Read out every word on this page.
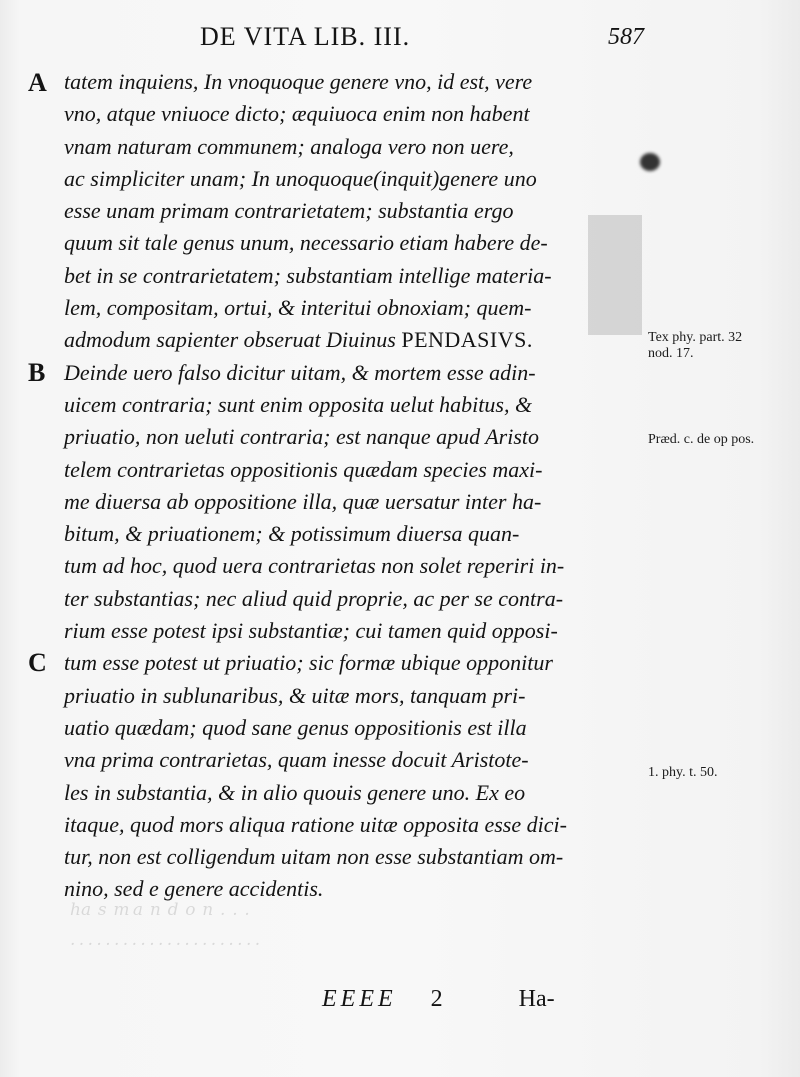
ha  s  m a  n  d  o  n  .  .  .
. . . . . . . . . . . . . . . . . . . . . .
DE VITA LIB. III.	587
A
B
C
tatem inquiens, In vnoquoque genere vno, id est, vere
vno, atque vniuoce dicto; æquiuoca enim non habent
vnam naturam communem; analoga vero non uere,
ac simpliciter unam; In unoquoque(inquit)genere uno
esse unam primam contrarietatem; substantia ergo
quum sit tale genus unum, necessario etiam habere de-
bet in se contrarietatem; substantiam intellige materia-
lem, compositam, ortui, & interitui obnoxiam; quem-
admodum sapienter obseruat Diuinus PENDASIVS.
Deinde uero falso dicitur uitam, & mortem esse adin-
uicem contraria; sunt enim opposita uelut habitus, &
priuatio, non ueluti contraria; est nanque apud Aristo
telem contrarietas oppositionis quædam species maxi-
me diuersa ab oppositione illa, quæ uersatur inter ha-
bitum, & priuationem; & potissimum diuersa quan-
tum ad hoc, quod uera contrarietas non solet reperiri in-
ter substantias; nec aliud quid proprie, ac per se contra-
rium esse potest ipsi substantiæ; cui tamen quid opposi-
tum esse potest ut priuatio; sic formæ ubique opponitur
priuatio in sublunaribus, & uitæ mors, tanquam pri-
uatio quædam; quod sane genus oppositionis est illa
vna prima contrarietas, quam inesse docuit Aristote-
les in substantia, & in alio quouis genere uno. Ex eo
itaque, quod mors aliqua ratione uitæ opposita esse dici-
tur, non est colligendum uitam non esse substantiam om-
nino, sed e genere accidentis.
Tex phy. part. 32 nod. 17.
Præd. c. de op pos.
1. phy. t. 50.
EEEE 2	Ha-
